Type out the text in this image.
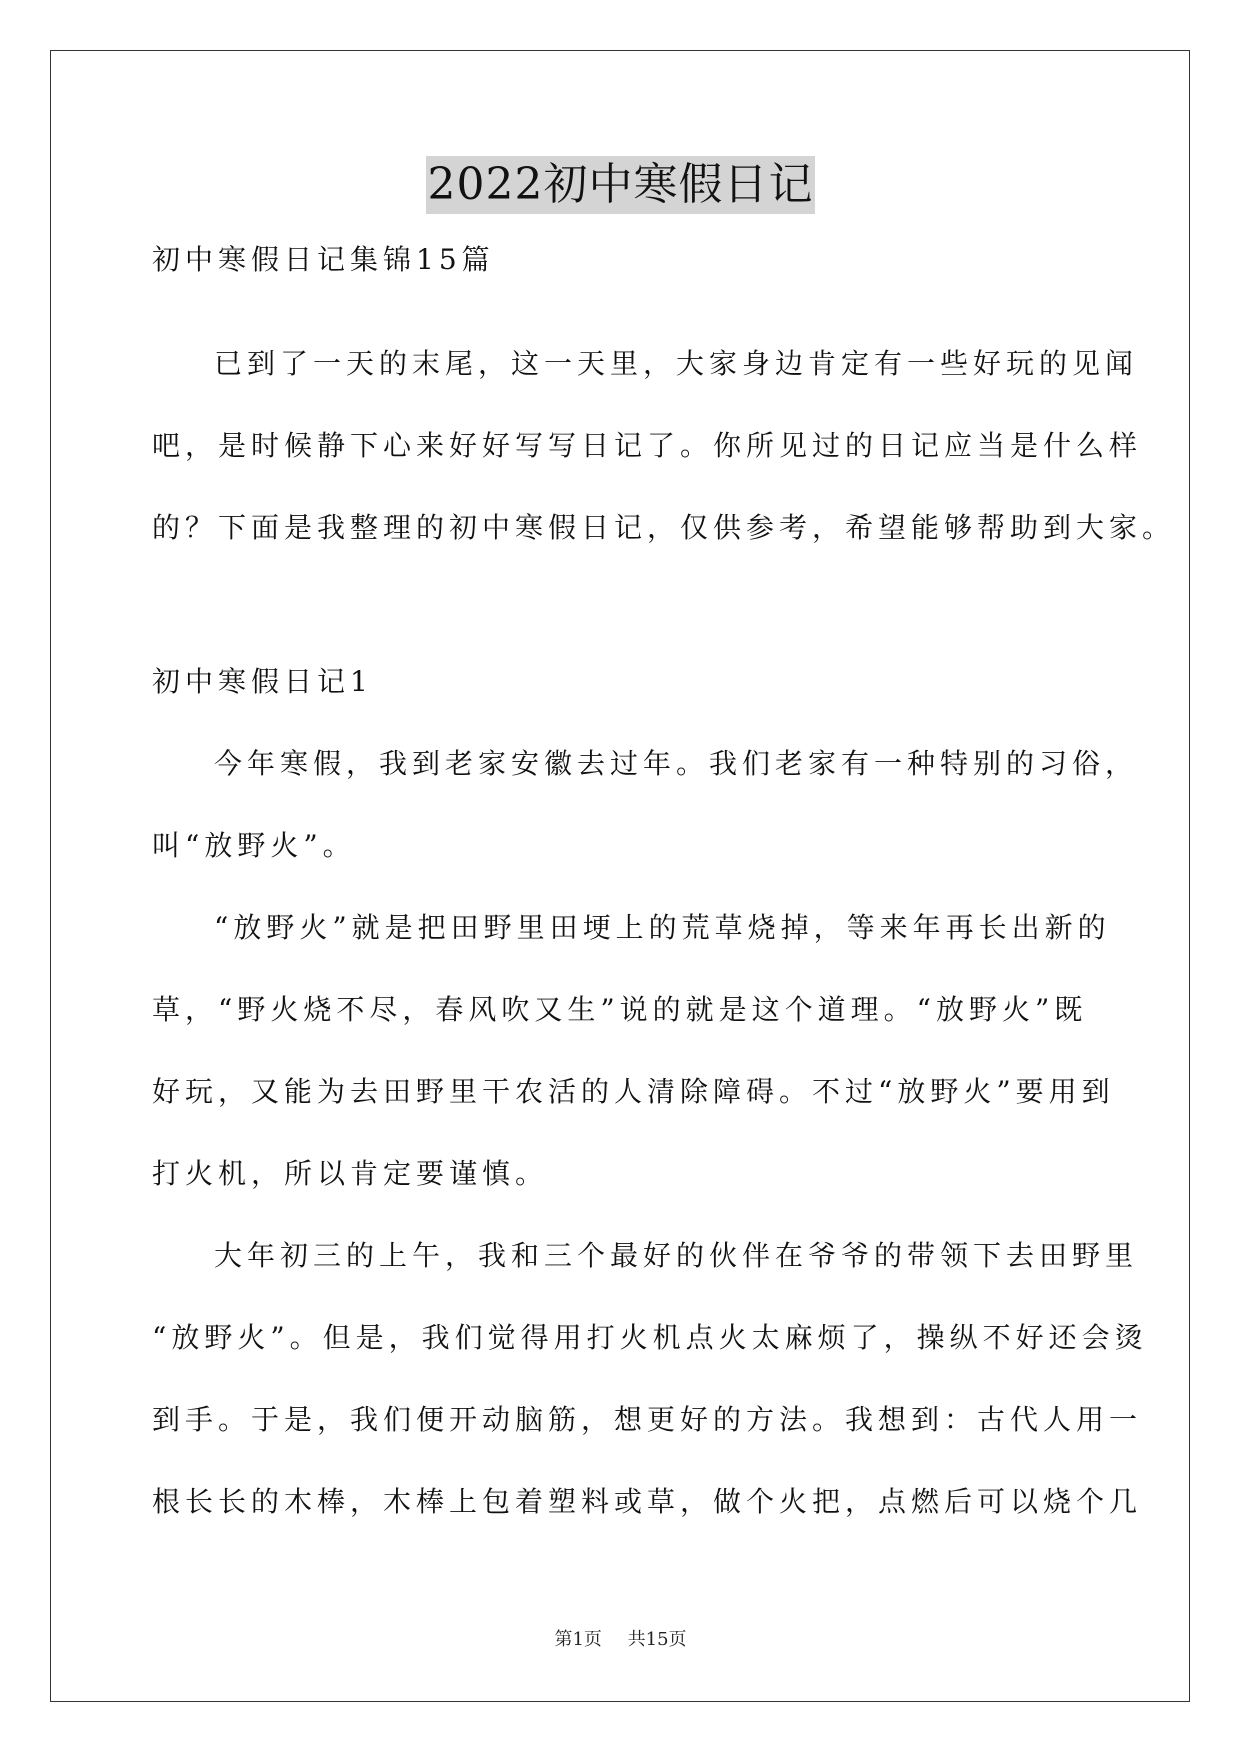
2022初中寒假日记
初中寒假日记集锦15篇
已到了一天的末尾，这一天里，大家身边肯定有一些好玩的见闻
吧，是时候静下心来好好写写日记了。你所见过的日记应当是什么样
的？下面是我整理的初中寒假日记，仅供参考，希望能够帮助到大家。
初中寒假日记1
今年寒假，我到老家安徽去过年。我们老家有一种特别的习俗，
叫“放野火”。
“放野火”就是把田野里田埂上的荒草烧掉，等来年再长出新的
草，“野火烧不尽，春风吹又生”说的就是这个道理。“放野火”既
好玩，又能为去田野里干农活的人清除障碍。不过“放野火”要用到
打火机，所以肯定要谨慎。
大年初三的上午，我和三个最好的伙伴在爷爷的带领下去田野里
“放野火”。但是，我们觉得用打火机点火太麻烦了，操纵不好还会烫
到手。于是，我们便开动脑筋，想更好的方法。我想到：古代人用一
根长长的木棒，木棒上包着塑料或草，做个火把，点燃后可以烧个几
第1页 共15页
